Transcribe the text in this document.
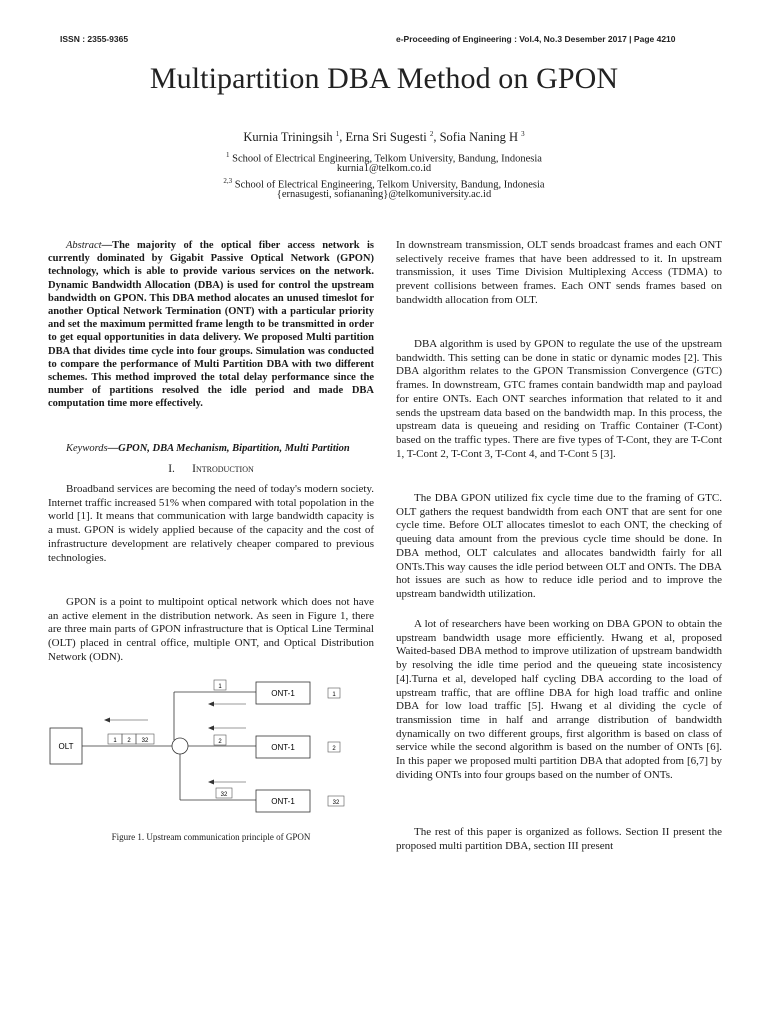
ISSN : 2355-9365	e-Proceeding of Engineering : Vol.4, No.3 Desember 2017 | Page 4210
Multipartition DBA Method on GPON
Kurnia Triningsih $^1$, Erna Sri Sugesti $^2$, Sofia Naning H $^3$
$^1$ School of Electrical Engineering, Telkom University, Bandung, Indonesia
kurnia1@telkom.co.id
$^{2,3}$ School of Electrical Engineering, Telkom University, Bandung, Indonesia
{ernasugesti, sofiananing}@telkomuniversity.ac.id

Abstract—The majority of the optical fiber access network is currently dominated by Gigabit Passive Optical Network (GPON) technology, which is able to provide various services on the network. Dynamic Bandwidth Allocation (DBA) is used for control the upstream bandwidth on GPON. This DBA method alocates an unused timeslot for another Optical Network Termination (ONT) with a particular priority and set the maximum permitted frame length to be transmitted in order to get equal opportunities in data delivery. We proposed Multi partition DBA that divides time cycle into four groups. Simulation was conducted to compare the performance of Multi Partition DBA with two different schemes. This method improved the total delay performance since the number of partitions resolved the idle period and made DBA computation time more effectively.

Keywords—GPON, DBA Mechanism, Bipartition, Multi Partition

I. Introduction

Broadband services are becoming the need of today's modern society. Internet traffic increased 51% when compared with total popolation in the world [1]. It means that communication with large bandwidth capacity is a must. GPON is widely applied because of the capacity and the cost of infrastructure development are relatively cheaper compared to previous technologies.

GPON is a point to multipoint optical network which does not have an active element in the distribution network. As seen in Figure 1, there are three main parts of GPON infrastructure that is Optical Line Terminal (OLT) placed in central office, multiple ONT, and Optical Distribution Network (ODN).

OLT
1 2 32
1
2
32
ONT-1
ONT-1
ONT-1
1
2
32
Figure 1. Upstream communication principle of GPON

In downstream transmission, OLT sends broadcast frames and each ONT selectively receive frames that have been addressed to it. In upstream transmission, it uses Time Division Multiplexing Access (TDMA) to prevent collisions between frames. Each ONT sends frames based on bandwidth allocation from OLT.

DBA algorithm is used by GPON to regulate the use of the upstream bandwidth. This setting can be done in static or dynamic modes [2]. This DBA algorithm relates to the GPON Transmission Convergence (GTC) frames. In downstream, GTC frames contain bandwidth map and payload for entire ONTs. Each ONT searches information that related to it and sends the upstream data based on the bandwidth map. In this process, the upstream data is queueing and residing on Traffic Container (T-Cont) based on the traffic types. There are five types of T-Cont, they are T-Cont 1, T-Cont 2, T-Cont 3, T-Cont 4, and T-Cont 5 [3].

The DBA GPON utilized fix cycle time due to the framing of GTC. OLT gathers the request bandwidth from each ONT that are sent for one cycle time. Before OLT allocates timeslot to each ONT, the checking of queuing data amount from the previous cycle time should be done. In DBA method, OLT calculates and allocates bandwidth fairly for all ONTs.This way causes the idle period between OLT and ONTs. The DBA hot issues are such as how to reduce idle period and to improve the upstream bandwidth utilization.

A lot of researchers have been working on DBA GPON to obtain the upstream bandwidth usage more efficiently. Hwang et al, proposed Waited-based DBA method to improve utilization of upstream bandwidth by resolving the idle time period and the queueing state incosistency [4].Turna et al, developed half cycling DBA according to the load of upstream traffic, that are offline DBA for high load traffic and online DBA for low load traffic [5]. Hwang et al dividing the cycle of transmission time in half and arrange distribution of bandwidth dynamically on two different groups, first algorithm is based on class of service while the second algorithm is based on the number of ONTs [6]. In this paper we proposed multi partition DBA that adopted from [6,7] by dividing ONTs into four groups based on the number of ONTs.

The rest of this paper is organized as follows. Section II present the proposed multi partition DBA, section III present
